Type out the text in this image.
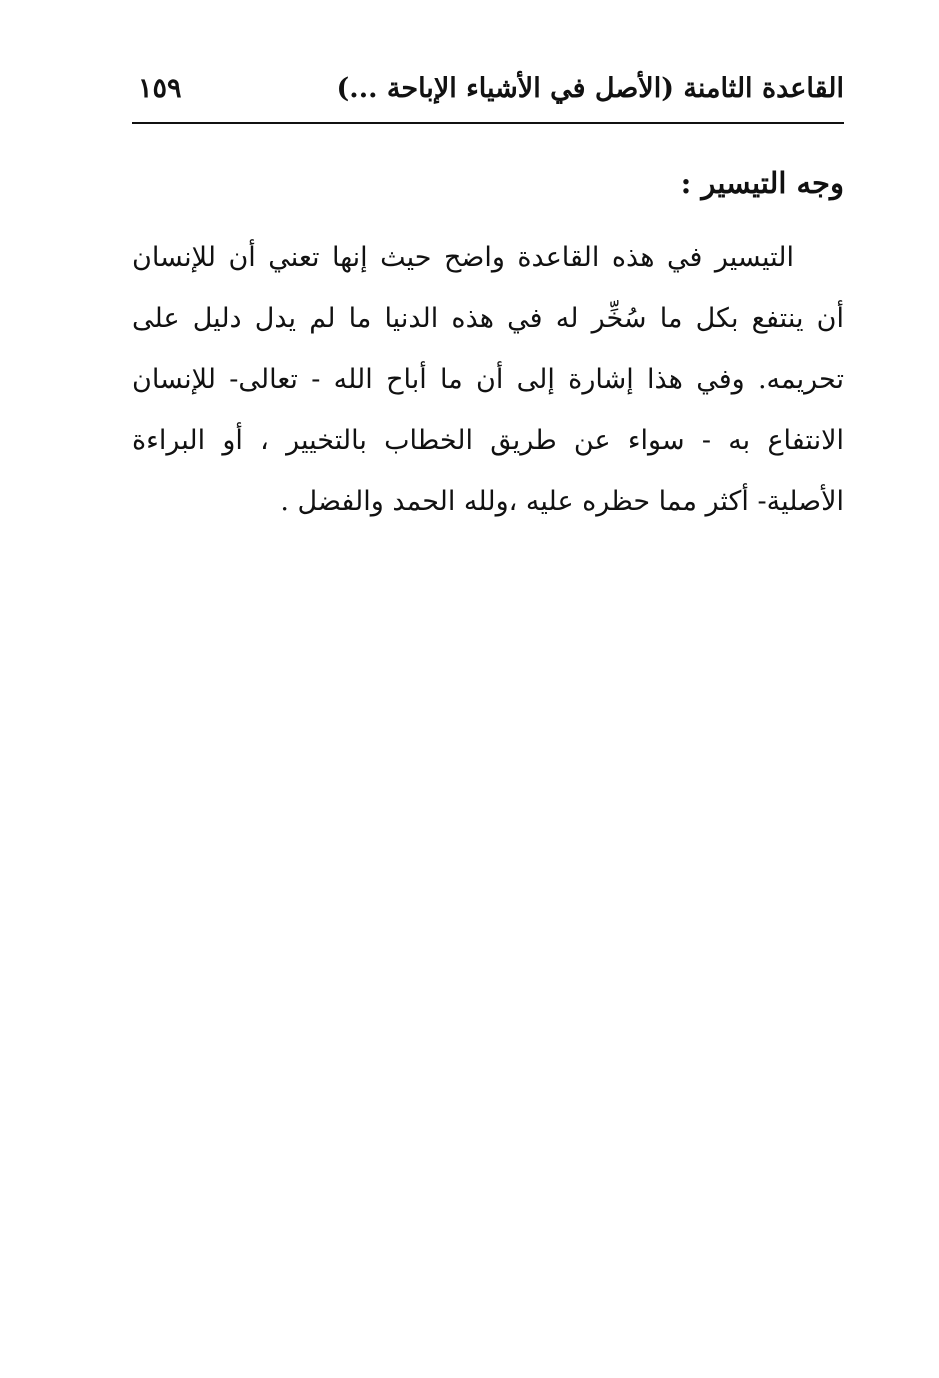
القاعدة الثامنة (الأصل في الأشياء الإباحة ...)
١٥٩
وجه التيسير :
التيسير في هذه القاعدة واضح حيث إنها تعني أن للإنسان
أن ينتفع بكل ما سُخِّر له في هذه الدنيا ما لم يدل دليل على
تحريمه. وفي هذا إشارة إلى أن ما أباح الله - تعالى- للإنسان
الانتفاع به - سواء عن طريق الخطاب بالتخيير ، أو البراءة
الأصلية- أكثر مما حظره عليه ،ولله الحمد والفضل .
